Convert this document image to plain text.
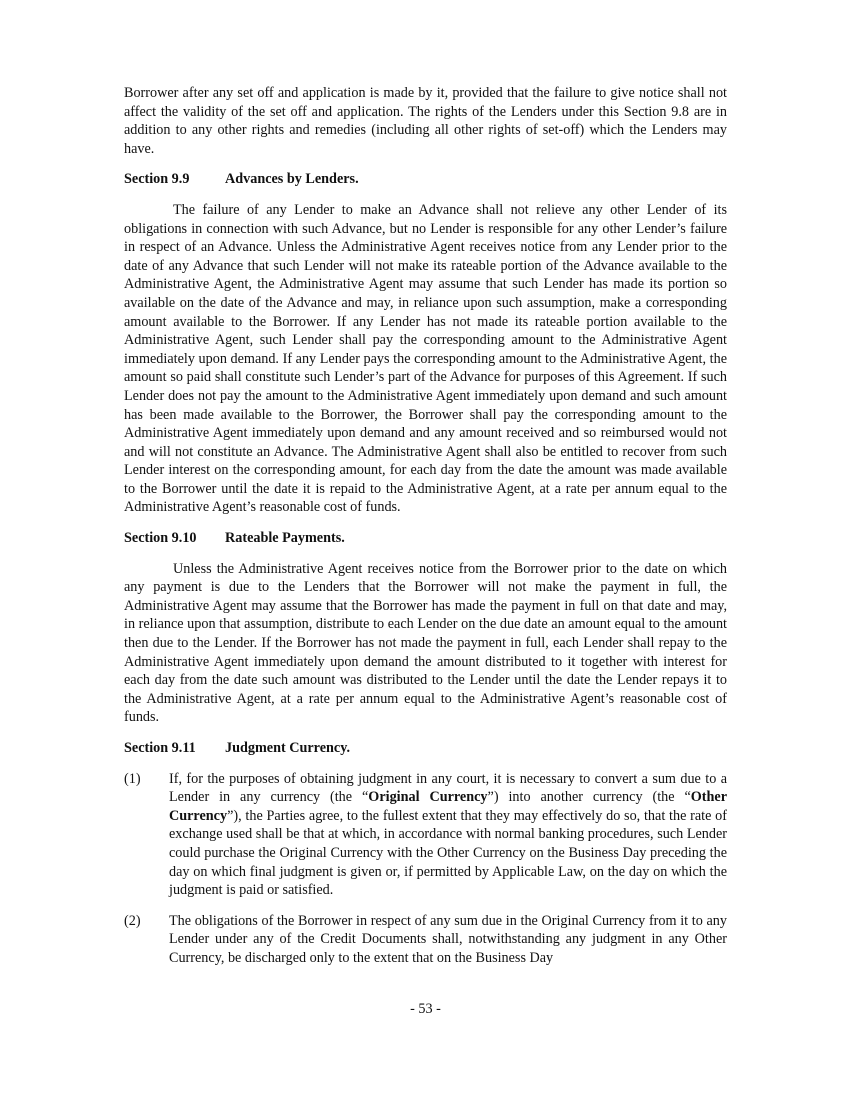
Borrower after any set off and application is made by it, provided that the failure to give notice shall not affect the validity of the set off and application. The rights of the Lenders under this Section 9.8 are in addition to any other rights and remedies (including all other rights of set-off) which the Lenders may have.

Section 9.9	Advances by Lenders.

The failure of any Lender to make an Advance shall not relieve any other Lender of its obligations in connection with such Advance, but no Lender is responsible for any other Lender’s failure in respect of an Advance. Unless the Administrative Agent receives notice from any Lender prior to the date of any Advance that such Lender will not make its rateable portion of the Advance available to the Administrative Agent, the Administrative Agent may assume that such Lender has made its portion so available on the date of the Advance and may, in reliance upon such assumption, make a corresponding amount available to the Borrower. If any Lender has not made its rateable portion available to the Administrative Agent, such Lender shall pay the corresponding amount to the Administrative Agent immediately upon demand. If any Lender pays the corresponding amount to the Administrative Agent, the amount so paid shall constitute such Lender’s part of the Advance for purposes of this Agreement. If such Lender does not pay the amount to the Administrative Agent immediately upon demand and such amount has been made available to the Borrower, the Borrower shall pay the corresponding amount to the Administrative Agent immediately upon demand and any amount received and so reimbursed would not and will not constitute an Advance. The Administrative Agent shall also be entitled to recover from such Lender interest on the corresponding amount, for each day from the date the amount was made available to the Borrower until the date it is repaid to the Administrative Agent, at a rate per annum equal to the Administrative Agent’s reasonable cost of funds.

Section 9.10 Rateable Payments.

Unless the Administrative Agent receives notice from the Borrower prior to the date on which any payment is due to the Lenders that the Borrower will not make the payment in full, the Administrative Agent may assume that the Borrower has made the payment in full on that date and may, in reliance upon that assumption, distribute to each Lender on the due date an amount equal to the amount then due to the Lender. If the Borrower has not made the payment in full, each Lender shall repay to the Administrative Agent immediately upon demand the amount distributed to it together with interest for each day from the date such amount was distributed to the Lender until the date the Lender repays it to the Administrative Agent, at a rate per annum equal to the Administrative Agent’s reasonable cost of funds.

Section 9.11 Judgment Currency.
(1)	If, for the purposes of obtaining judgment in any court, it is necessary to convert a sum due to a Lender in any currency (the “Original Currency”) into another currency (the “Other Currency”), the Parties agree, to the fullest extent that they may effectively do so, that the rate of exchange used shall be that at which, in accordance with normal banking procedures, such Lender could purchase the Original Currency with the Other Currency on the Business Day preceding the day on which final judgment is given or, if permitted by Applicable Law, on the day on which the judgment is paid or satisfied.

(2)	The obligations of the Borrower in respect of any sum due in the Original Currency from it to any Lender under any of the Credit Documents shall, notwithstanding any judgment in any Other Currency, be discharged only to the extent that on the Business Day

- 53 -
